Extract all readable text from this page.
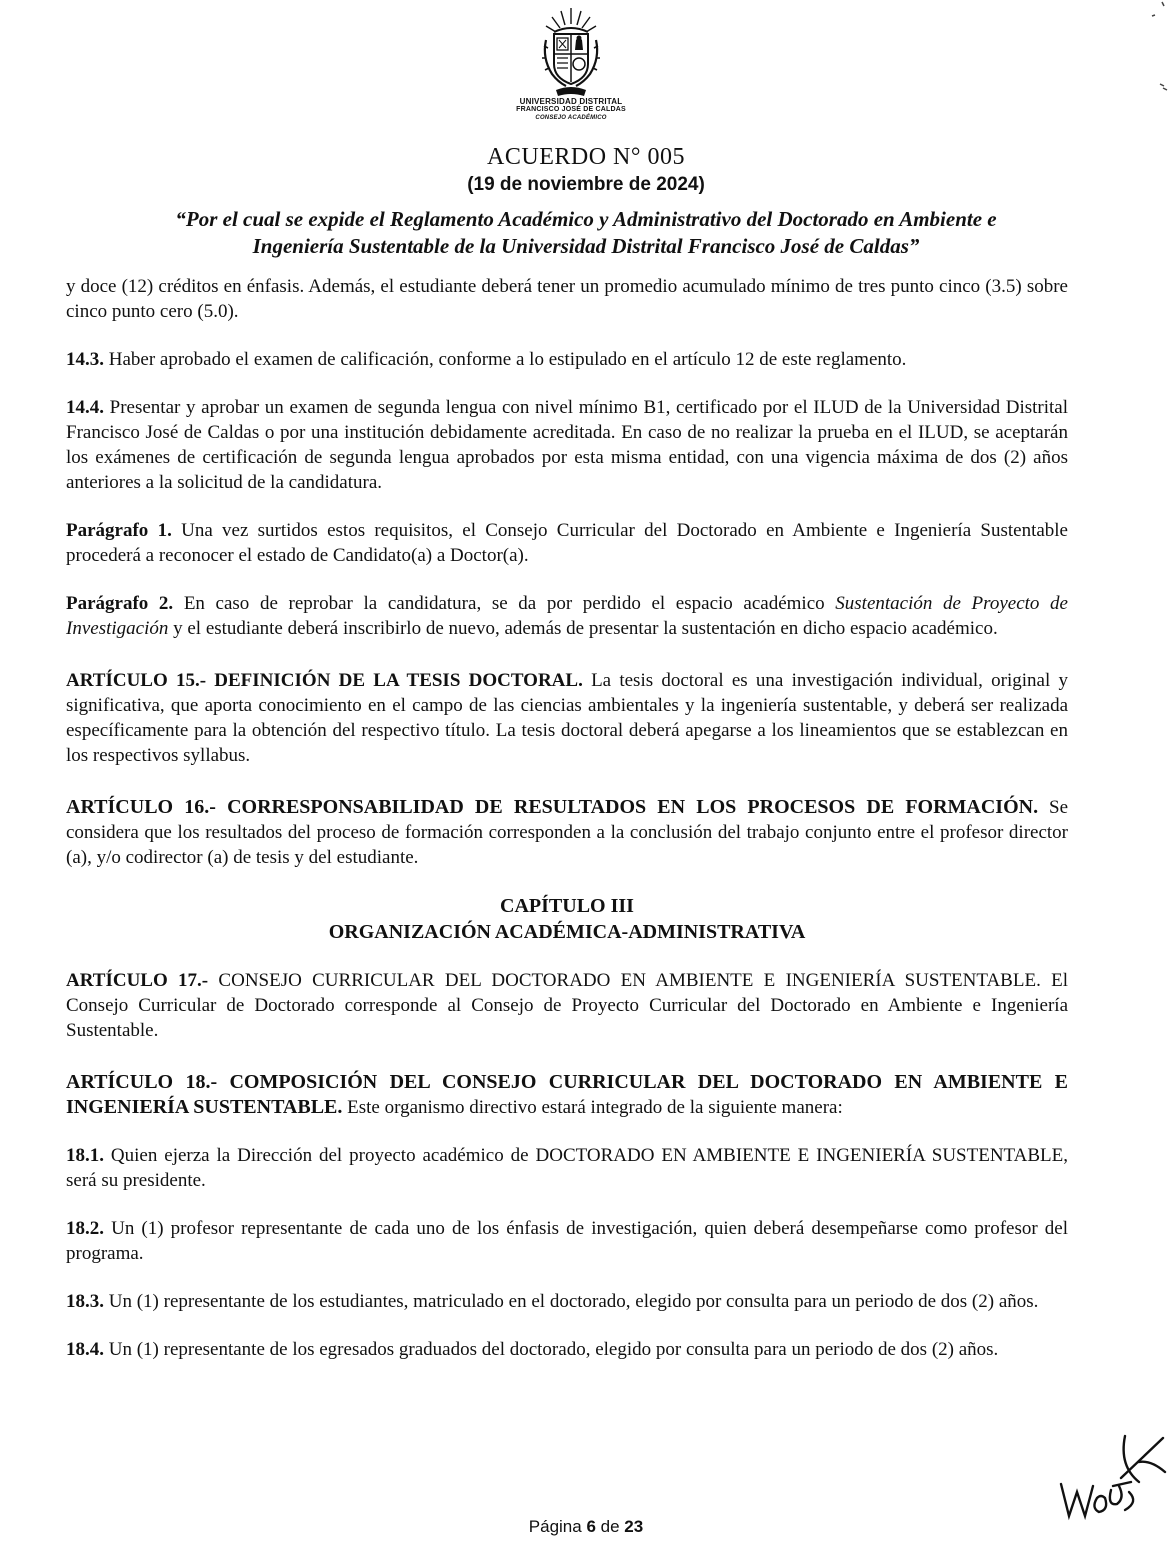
UNIVERSIDAD DISTRITAL
FRANCISCO JOSÉ DE CALDAS
CONSEJO ACADÉMICO
ACUERDO N° 005
(19 de noviembre de 2024)
“Por el cual se expide el Reglamento Académico y Administrativo del Doctorado en Ambiente e
Ingeniería Sustentable de la Universidad Distrital Francisco José de Caldas”

y doce (12) créditos en énfasis. Además, el estudiante deberá tener un promedio acumulado mínimo de tres punto cinco (3.5) sobre cinco punto cero (5.0).

14.3. Haber aprobado el examen de calificación, conforme a lo estipulado en el artículo 12 de este reglamento.

14.4. Presentar y aprobar un examen de segunda lengua con nivel mínimo B1, certificado por el ILUD de la Universidad Distrital Francisco José de Caldas o por una institución debidamente acreditada. En caso de no realizar la prueba en el ILUD, se aceptarán los exámenes de certificación de segunda lengua aprobados por esta misma entidad, con una vigencia máxima de dos (2) años anteriores a la solicitud de la candidatura.

Parágrafo 1. Una vez surtidos estos requisitos, el Consejo Curricular del Doctorado en Ambiente e Ingeniería Sustentable procederá a reconocer el estado de Candidato(a) a Doctor(a).

Parágrafo 2. En caso de reprobar la candidatura, se da por perdido el espacio académico Sustentación de Proyecto de Investigación y el estudiante deberá inscribirlo de nuevo, además de presentar la sustentación en dicho espacio académico.

ARTÍCULO 15.- DEFINICIÓN DE LA TESIS DOCTORAL. La tesis doctoral es una investigación individual, original y significativa, que aporta conocimiento en el campo de las ciencias ambientales y la ingeniería sustentable, y deberá ser realizada específicamente para la obtención del respectivo título. La tesis doctoral deberá apegarse a los lineamientos que se establezcan en los respectivos syllabus.

ARTÍCULO 16.- CORRESPONSABILIDAD DE RESULTADOS EN LOS PROCESOS DE FORMACIÓN. Se considera que los resultados del proceso de formación corresponden a la conclusión del trabajo conjunto entre el profesor director (a), y/o codirector (a) de tesis y del estudiante.

CAPÍTULO III
ORGANIZACIÓN ACADÉMICA-ADMINISTRATIVA

ARTÍCULO 17.- CONSEJO CURRICULAR DEL DOCTORADO EN AMBIENTE E INGENIERÍA SUSTENTABLE. El Consejo Curricular de Doctorado corresponde al Consejo de Proyecto Curricular del Doctorado en Ambiente e Ingeniería Sustentable.

ARTÍCULO 18.- COMPOSICIÓN DEL CONSEJO CURRICULAR DEL DOCTORADO EN AMBIENTE E INGENIERÍA SUSTENTABLE. Este organismo directivo estará integrado de la siguiente manera:

18.1. Quien ejerza la Dirección del proyecto académico de DOCTORADO EN AMBIENTE E INGENIERÍA SUSTENTABLE, será su presidente.

18.2. Un (1) profesor representante de cada uno de los énfasis de investigación, quien deberá desempeñarse como profesor del programa.

18.3. Un (1) representante de los estudiantes, matriculado en el doctorado, elegido por consulta para un periodo de dos (2) años.

18.4. Un (1) representante de los egresados graduados del doctorado, elegido por consulta para un periodo de dos (2) años.

Página 6 de 23
